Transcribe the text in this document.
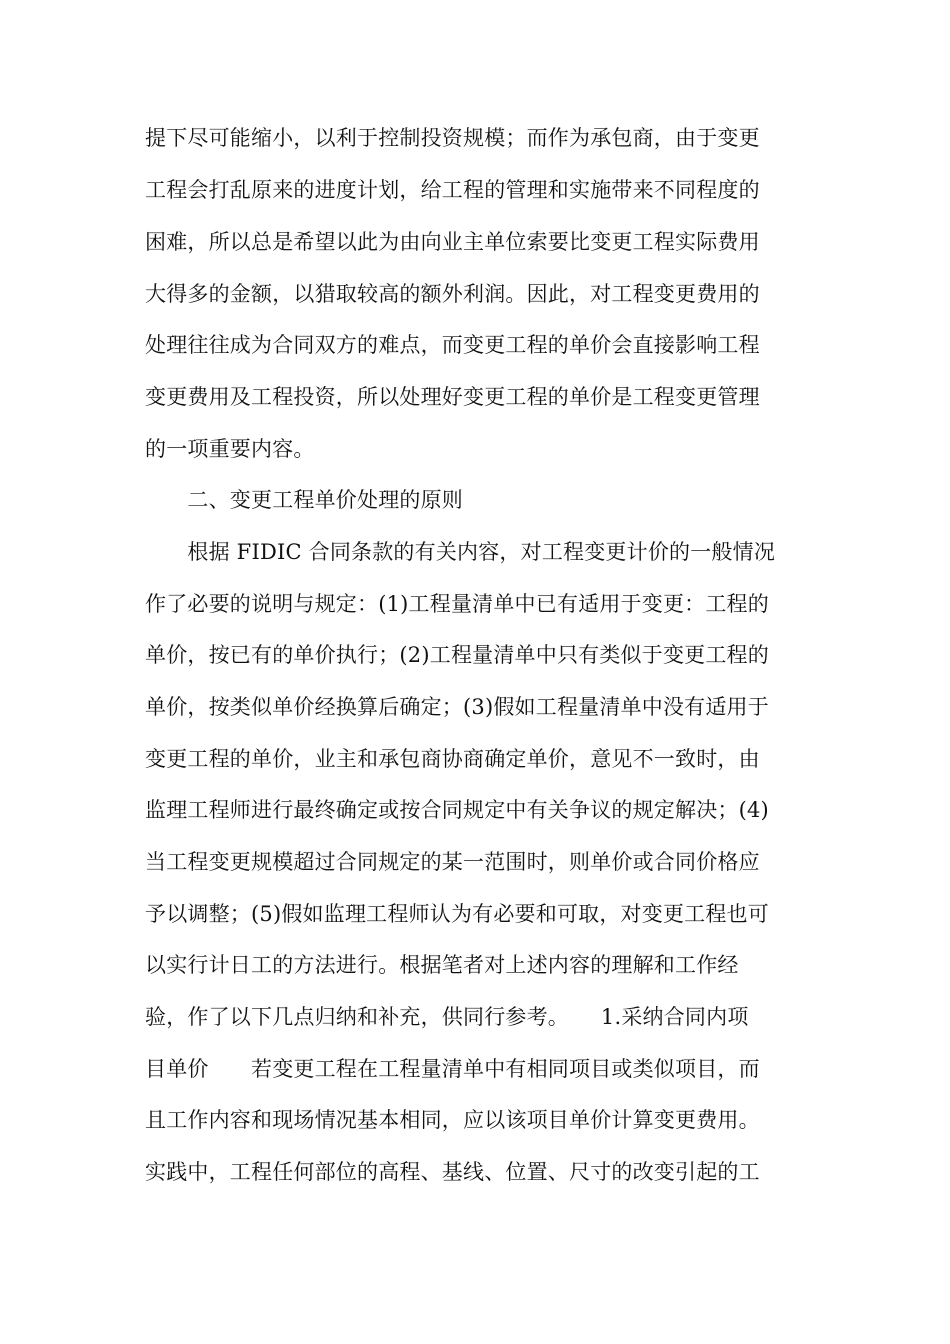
提下尽可能缩小，以利于控制投资规模；而作为承包商，由于变更
工程会打乱原来的进度计划，给工程的管理和实施带来不同程度的
困难，所以总是希望以此为由向业主单位索要比变更工程实际费用
大得多的金额，以猎取较高的额外利润。因此，对工程变更费用的
处理往往成为合同双方的难点，而变更工程的单价会直接影响工程
变更费用及工程投资，所以处理好变更工程的单价是工程变更管理
的一项重要内容。
　　二、变更工程单价处理的原则
　　根据 FIDIC 合同条款的有关内容，对工程变更计价的一般情况
作了必要的说明与规定：(1)工程量清单中已有适用于变更：工程的
单价，按已有的单价执行；(2)工程量清单中只有类似于变更工程的
单价，按类似单价经换算后确定；(3)假如工程量清单中没有适用于
变更工程的单价，业主和承包商协商确定单价，意见不一致时，由
监理工程师进行最终确定或按合同规定中有关争议的规定解决；(4)
当工程变更规模超过合同规定的某一范围时，则单价或合同价格应
予以调整；(5)假如监理工程师认为有必要和可取，对变更工程也可
以实行计日工的方法进行。根据笔者对上述内容的理解和工作经
验，作了以下几点归纳和补充，供同行参考。　　1.采纳合同内项
目单价　　若变更工程在工程量清单中有相同项目或类似项目，而
且工作内容和现场情况基本相同，应以该项目单价计算变更费用。
实践中，工程任何部位的高程、基线、位置、尺寸的改变引起的工
